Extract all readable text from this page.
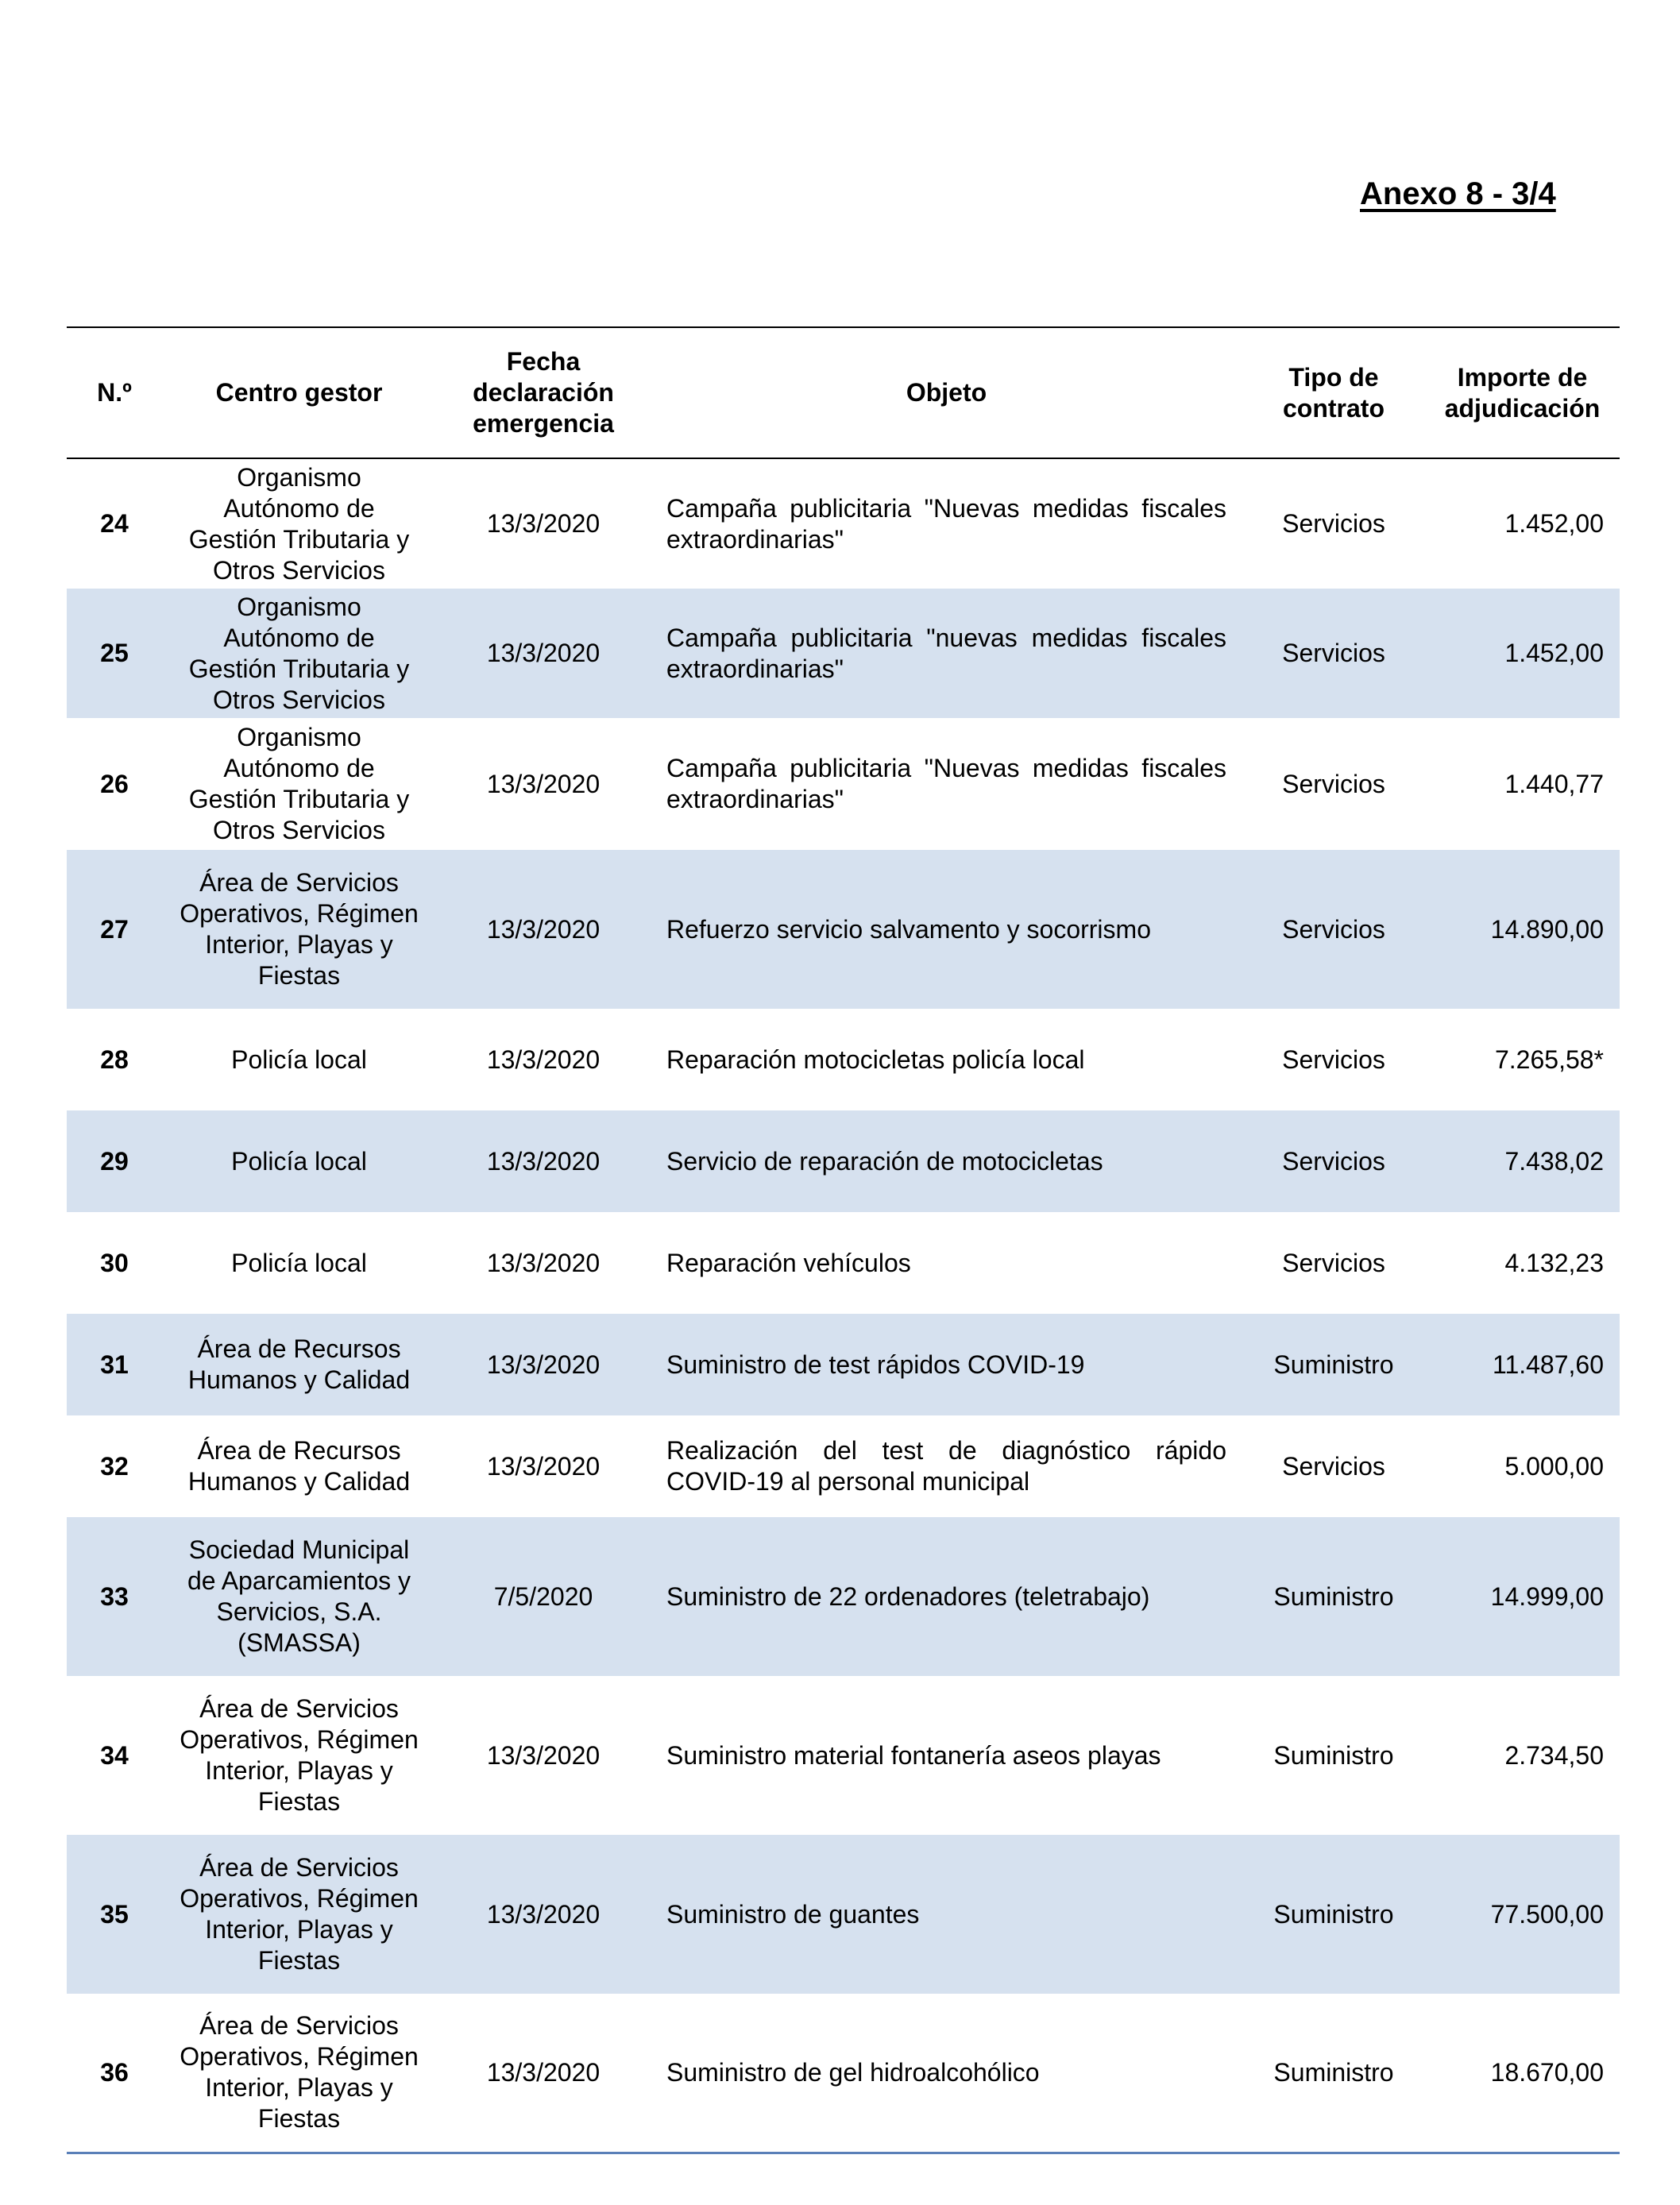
Anexo 8 - 3/4
N.º	Centro gestor	Fecha declaración emergencia	Objeto	Tipo de contrato	Importe de adjudicación
24	Organismo Autónomo de Gestión Tributaria y Otros Servicios	13/3/2020	Campaña publicitaria "Nuevas medidas fiscales extraordinarias"	Servicios	1.452,00
25	Organismo Autónomo de Gestión Tributaria y Otros Servicios	13/3/2020	Campaña publicitaria "nuevas medidas fiscales extraordinarias"	Servicios	1.452,00
26	Organismo Autónomo de Gestión Tributaria y Otros Servicios	13/3/2020	Campaña publicitaria "Nuevas medidas fiscales extraordinarias"	Servicios	1.440,77
27	Área de Servicios Operativos, Régimen Interior, Playas y Fiestas	13/3/2020	Refuerzo servicio salvamento y socorrismo	Servicios	14.890,00
28	Policía local	13/3/2020	Reparación motocicletas policía local	Servicios	7.265,58*
29	Policía local	13/3/2020	Servicio de reparación de motocicletas	Servicios	7.438,02
30	Policía local	13/3/2020	Reparación vehículos	Servicios	4.132,23
31	Área de Recursos Humanos y Calidad	13/3/2020	Suministro de test rápidos COVID-19	Suministro	11.487,60
32	Área de Recursos Humanos y Calidad	13/3/2020	Realización del test de diagnóstico rápido COVID-19 al personal municipal	Servicios	5.000,00
33	Sociedad Municipal de Aparcamientos y Servicios, S.A.(SMASSA)	7/5/2020	Suministro de 22 ordenadores (teletrabajo)	Suministro	14.999,00
34	Área de Servicios Operativos, Régimen Interior, Playas y Fiestas	13/3/2020	Suministro material fontanería aseos playas	Suministro	2.734,50
35	Área de Servicios Operativos, Régimen Interior, Playas y Fiestas	13/3/2020	Suministro de guantes	Suministro	77.500,00
36	Área de Servicios Operativos, Régimen Interior, Playas y Fiestas	13/3/2020	Suministro de gel hidroalcohólico	Suministro	18.670,00
